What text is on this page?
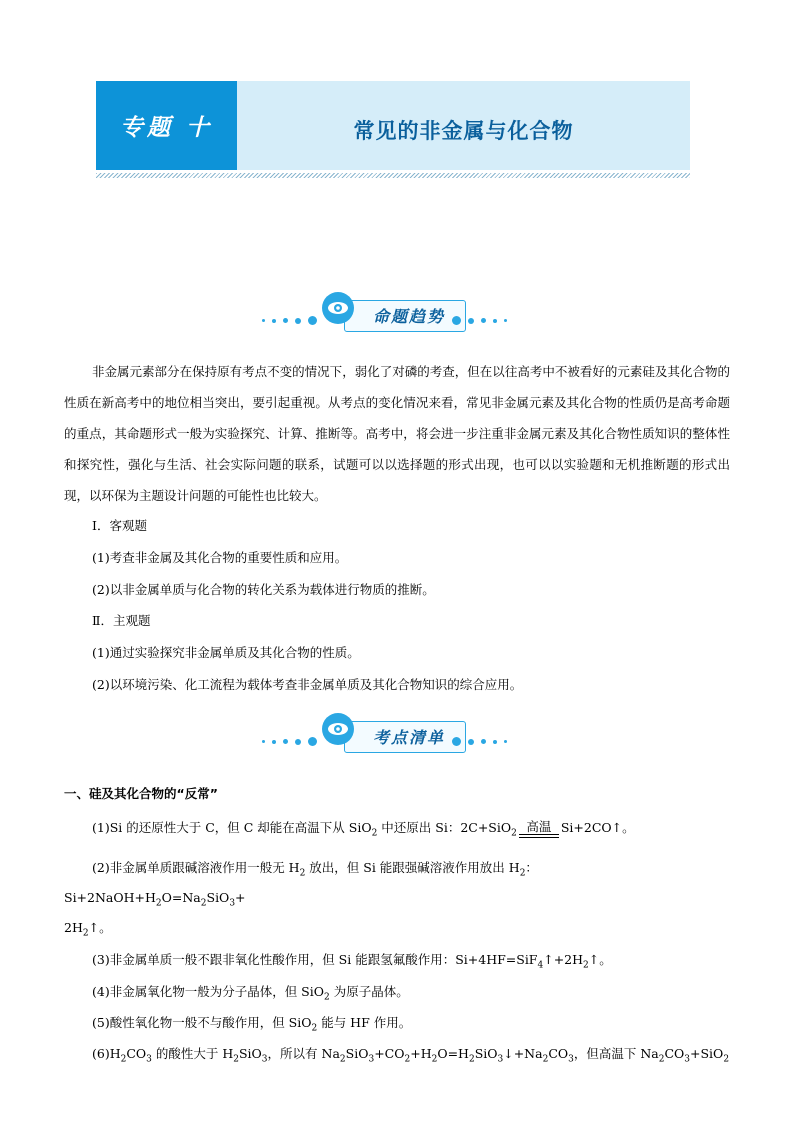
专题 十	常见的非金属与化合物
命题趋势
非金属元素部分在保持原有考点不变的情况下，弱化了对磷的考查，但在以往高考中不被看好的元素硅及其化合物的性质在新高考中的地位相当突出，要引起重视。从考点的变化情况来看，常见非金属元素及其化合物的性质仍是高考命题的重点，其命题形式一般为实验探究、计算、推断等。高考中，将会进一步注重非金属元素及其化合物性质知识的整体性和探究性，强化与生活、社会实际问题的联系，试题可以以选择题的形式出现，也可以以实验题和无机推断题的形式出现，以环保为主题设计问题的可能性也比较大。
Ⅰ．客观题
(1)考查非金属及其化合物的重要性质和应用。
(2)以非金属单质与化合物的转化关系为载体进行物质的推断。
Ⅱ．主观题
(1)通过实验探究非金属单质及其化合物的性质。
(2)以环境污染、化工流程为载体考查非金属单质及其化合物知识的综合应用。
考点清单
一、硅及其化合物的“反常”
(1)Si 的还原性大于 C，但 C 却能在高温下从 SiO$_2$ 中还原出 Si：2C+SiO$_2$ 高温 Si+2CO↑。
(2)非金属单质跟碱溶液作用一般无 $H_2$ 放出，但 Si 能跟强碱溶液作用放出 $H_2$：
$Si+2NaOH+H_2O=Na_2SiO_3+$
$2H_2↑$。
(3)非金属单质一般不跟非氧化性酸作用，但 Si 能跟氢氟酸作用：$Si+4HF=SiF_4↑+2H_2↑$。
(4)非金属氧化物一般为分子晶体，但 SiO$_2$ 为原子晶体。
(5)酸性氧化物一般不与酸作用，但 SiO$_2$ 能与 HF 作用。
$(6)H_2CO_3$ 的酸性大于 $H_2SiO_3$，所以有 $Na_2SiO_3+CO_2+H_2O=H_2SiO_3↓+Na_2CO_3$，但高温下 $Na_2CO_3+SiO_2$
